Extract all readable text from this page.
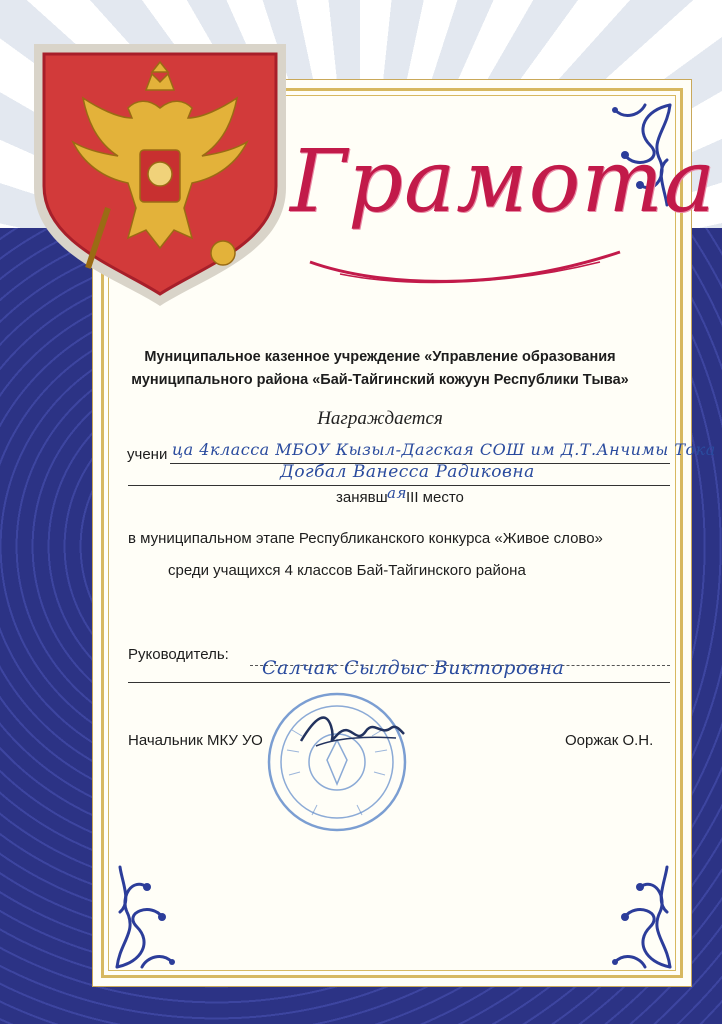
Грамота
Муниципальное казенное учреждение «Управление образования
муниципального района «Бай-Тайгинский кожуун Республики Тыва»
Награждается
учени ца 4класса МБОУ Кызыл-Дагская СОШ им Д.Т.Анчимы Тока
Догбал Ванесса Радиковна
занявш ая III место
в муниципальном этапе Республиканского конкурса «Живое слово»
среди учащихся 4 классов Бай-Тайгинского района
Руководитель:
Салчак Сылдыс Викторовна
Начальник МКУ УО	Ооржак О.Н.
